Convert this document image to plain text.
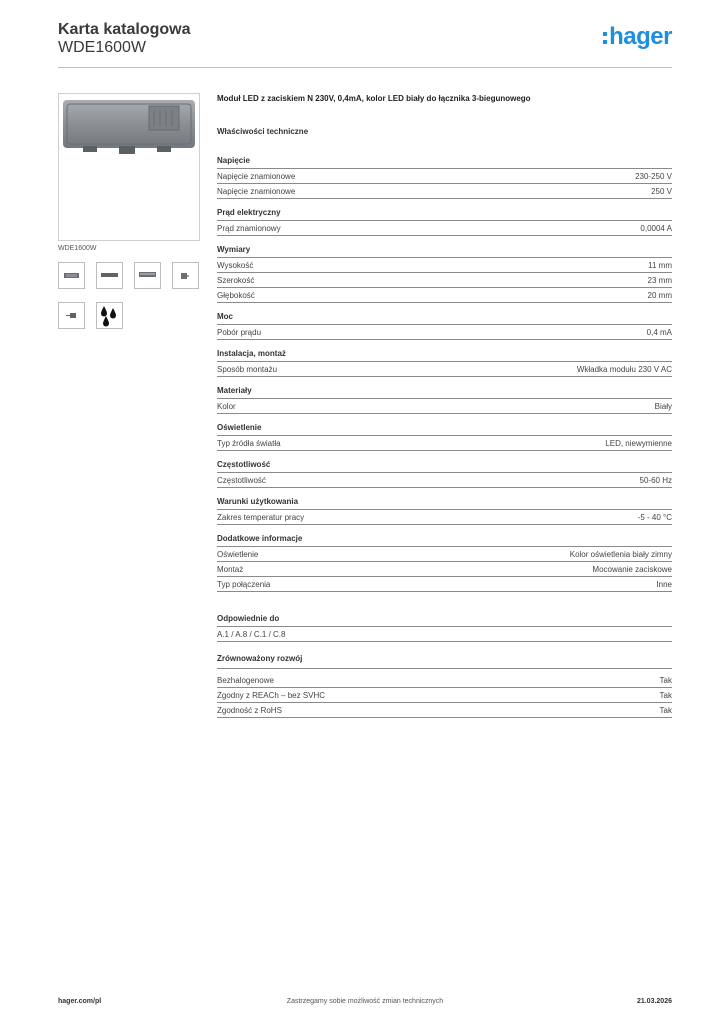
Karta katalogowa
WDE1600W	hager
WDE1600W
Moduł LED z zaciskiem N 230V, 0,4mA, kolor LED biały do łącznika 3-biegunowego
Właściwości techniczne
Napięcie
Napięcie znamionowe	230-250 V
Napięcie znamionowe	250 V
Prąd elektryczny
Prąd znamionowy	0,0004 A
Wymiary
Wysokość	11 mm
Szerokość	23 mm
Głębokość	20 mm
Moc
Pobór prądu	0,4 mA
Instalacja, montaż
Sposób montażu	Wkładka modułu 230 V AC
Materiały
Kolor	Biały
Oświetlenie
Typ źródła światła	LED, niewymienne
Częstotliwość
Częstotliwość	50-60 Hz
Warunki użytkowania
Zakres temperatur pracy	-5 - 40 °C
Dodatkowe informacje
Oświetlenie	Kolor oświetlenia biały zimny
Montaż	Mocowanie zaciskowe
Typ połączenia	Inne
Odpowiednie do
A.1 / A.8 / C.1 / C.8
Zrównoważony rozwój
Bezhalogenowe	Tak
Zgodny z REACh – bez SVHC	Tak
Zgodność z RoHS	Tak
hager.com/pl	Zastrzegamy sobie możliwość zmian technicznych	21.03.2026
